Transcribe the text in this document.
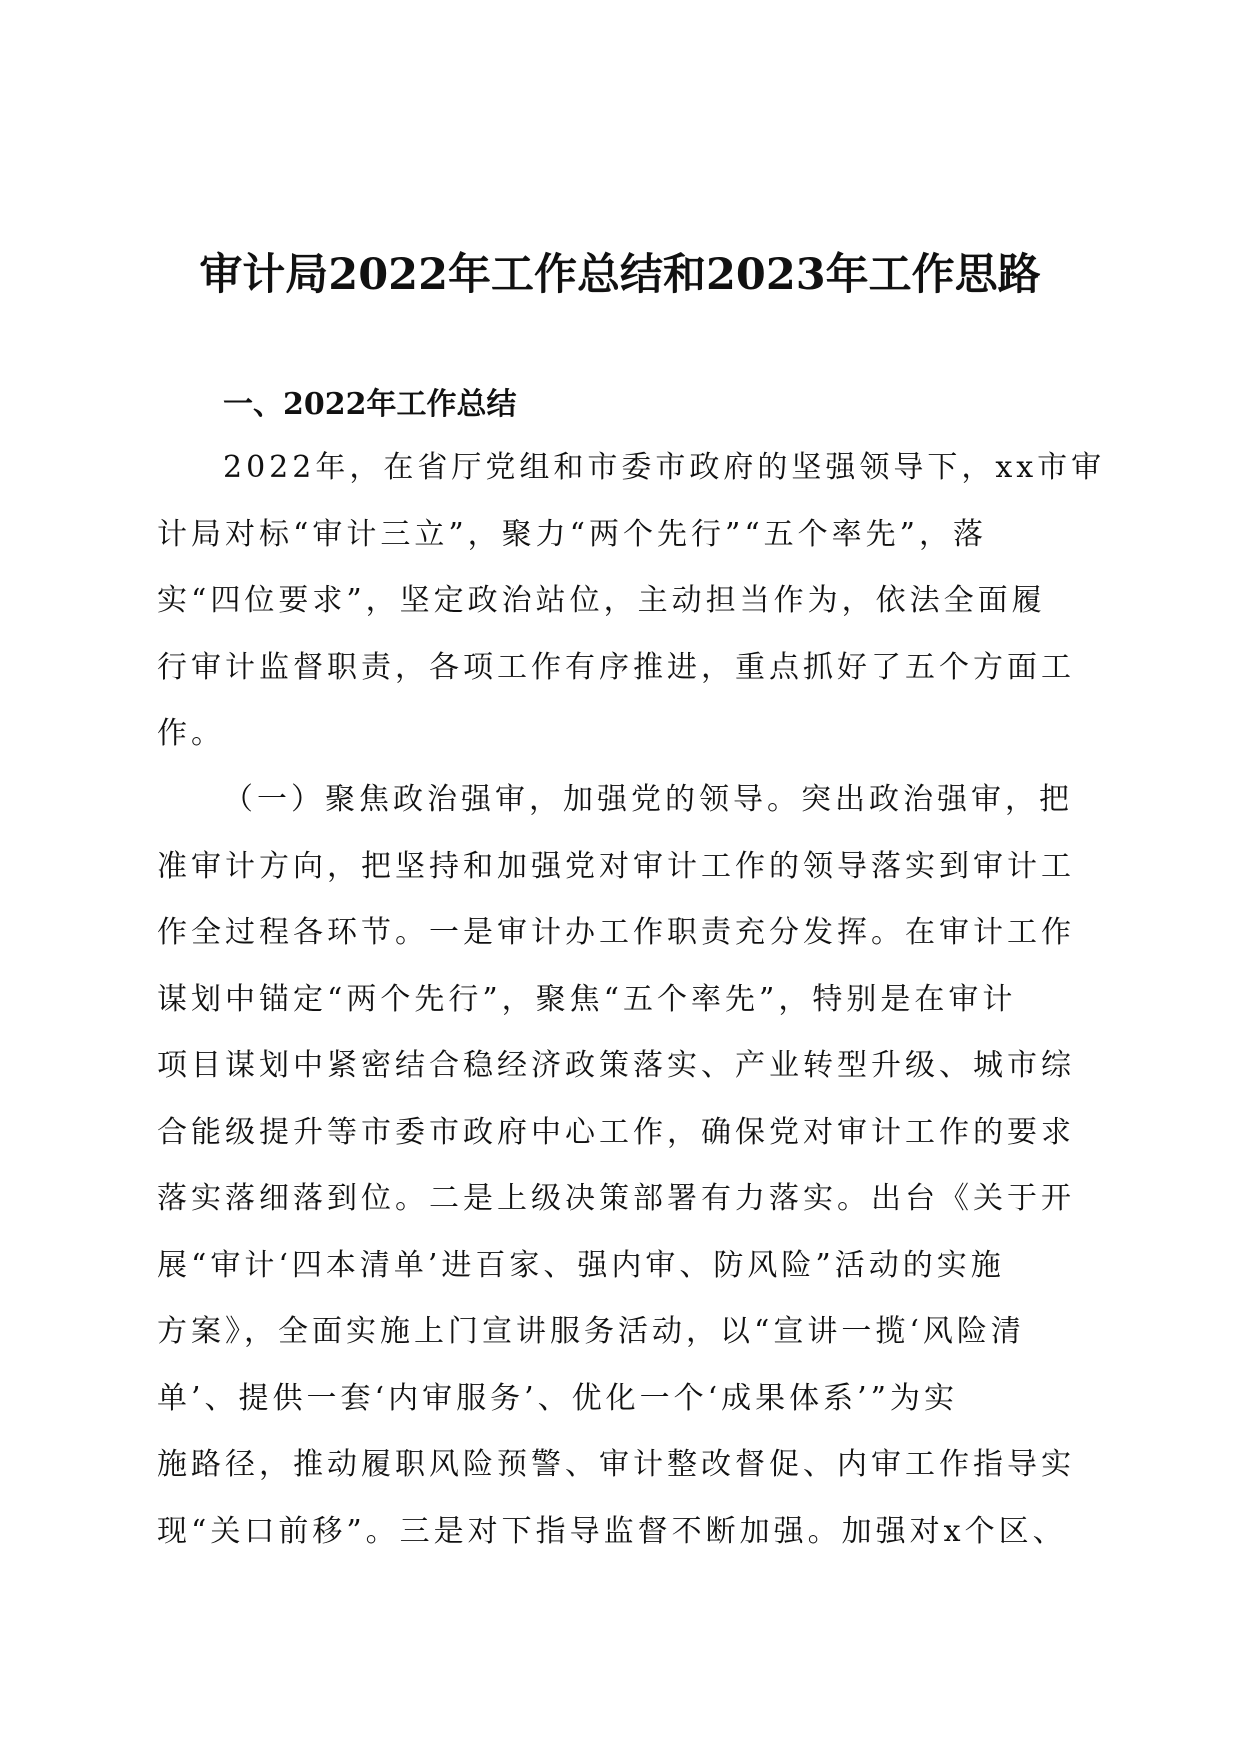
审计局2022年工作总结和2023年工作思路
一、2022年工作总结

2022年，在省厅党组和市委市政府的坚强领导下，xx市审

计局对标“审计三立”，聚力“两个先行”“五个率先”，落

实“四位要求”，坚定政治站位，主动担当作为，依法全面履

行审计监督职责，各项工作有序推进，重点抓好了五个方面工

作。

（一）聚焦政治强审，加强党的领导。突出政治强审，把

准审计方向，把坚持和加强党对审计工作的领导落实到审计工

作全过程各环节。一是审计办工作职责充分发挥。在审计工作

谋划中锚定“两个先行”，聚焦“五个率先”，特别是在审计

项目谋划中紧密结合稳经济政策落实、产业转型升级、城市综

合能级提升等市委市政府中心工作，确保党对审计工作的要求

落实落细落到位。二是上级决策部署有力落实。出台《关于开

展“审计‘四本清单’进百家、强内审、防风险”活动的实施

方案》，全面实施上门宣讲服务活动，以“宣讲一揽‘风险清

单’、提供一套‘内审服务’、优化一个‘成果体系’”为实

施路径，推动履职风险预警、审计整改督促、内审工作指导实

现“关口前移”。三是对下指导监督不断加强。加强对x个区、
